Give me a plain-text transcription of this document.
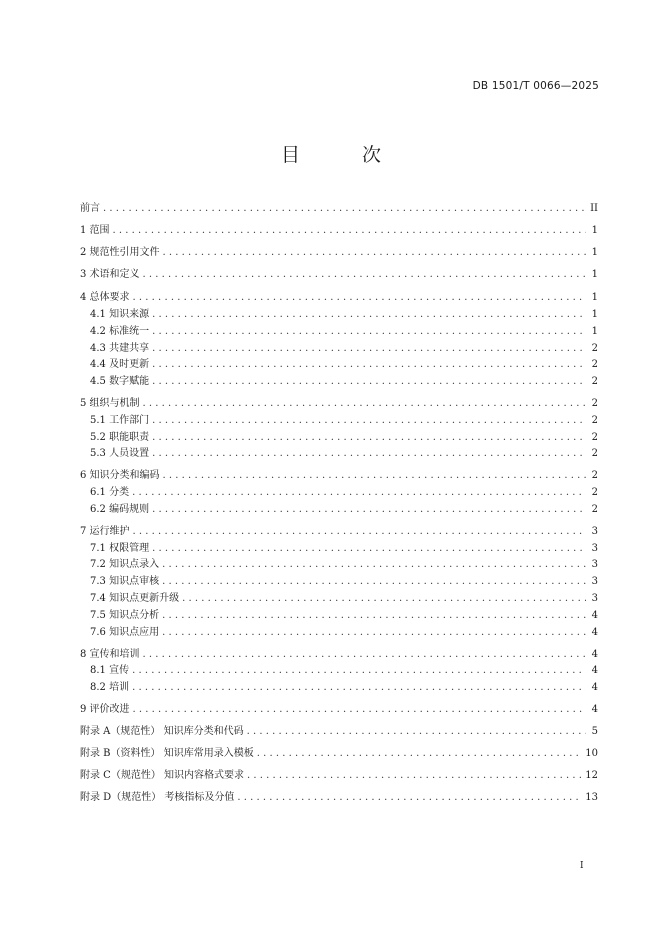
DB 1501/T 0066—2025
目 次
前言 .....	II
1 范围 .....	1
2 规范性引用文件 .....	1
3 术语和定义 .....	1
4 总体要求 .....	1
4.1 知识来源 .....	1
4.2 标准统一 .....	1
4.3 共建共享 .....	2
4.4 及时更新 .....	2
4.5 数字赋能 .....	2
5 组织与机制 .....	2
5.1 工作部门 .....	2
5.2 职能职责 .....	2
5.3 人员设置 .....	2
6 知识分类和编码 .....	2
6.1 分类 .....	2
6.2 编码规则 .....	2
7 运行维护 .....	3
7.1 权限管理 .....	3
7.2 知识点录入 .....	3
7.3 知识点审核 .....	3
7.4 知识点更新升级 .....	3
7.5 知识点分析 .....	4
7.6 知识点应用 .....	4
8 宣传和培训 .....	4
8.1 宣传 .....	4
8.2 培训 .....	4
9 评价改进 .....	4
附录 A（规范性） 知识库分类和代码 .....	5
附录 B（资料性） 知识库常用录入模板 .....	10
附录 C（规范性） 知识内容格式要求 .....	12
附录 D（规范性） 考核指标及分值 .....	13
I
